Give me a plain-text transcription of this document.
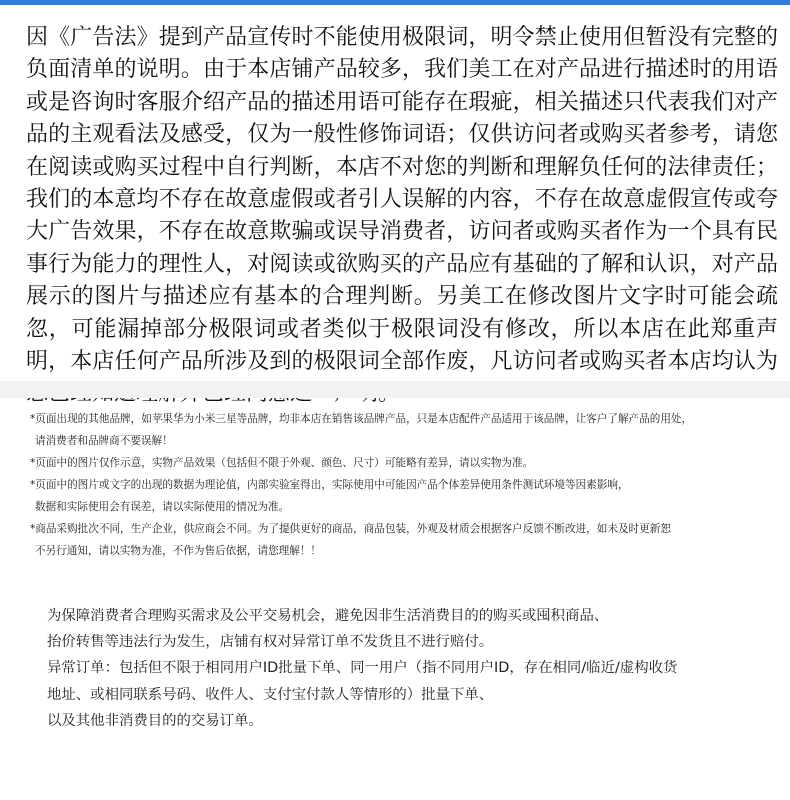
因《广告法》提到产品宣传时不能使用极限词，明令禁止使用但暂没有完整的负面清单的说明。由于本店铺产品较多，我们美工在对产品进行描述时的用语或是咨询时客服介绍产品的描述用语可能存在瑕疵，相关描述只代表我们对产品的主观看法及感受，仅为一般性修饰词语；仅供访问者或购买者参考，请您在阅读或购买过程中自行判断，本店不对您的判断和理解负任何的法律责任；我们的本意均不存在故意虚假或者引人误解的内容，不存在故意虚假宣传或夸大广告效果，不存在故意欺骗或误导消费者，访问者或购买者作为一个具有民事行为能力的理性人，对阅读或欲购买的产品应有基础的了解和认识，对产品展示的图片与描述应有基本的合理判断。另美工在修改图片文字时可能会疏忽，可能漏掉部分极限词或者类似于极限词没有修改，所以本店在此郑重声明，本店任何产品所涉及到的极限词全部作废，凡访问者或购买者本店均认为

*页面出现的其他品牌，如苹果华为小米三星等品牌，均非本店在销售该品牌产品，只是本店配件产品适用于该品牌，让客户了解产品的用处，
请消费者和品牌商不要误解！
*页面中的图片仅作示意，实物产品效果（包括但不限于外观、颜色、尺寸）可能略有差异，请以实物为准。
*页面中的图片或文字的出现的数据为理论值，内部实验室得出，实际使用中可能因产品个体差异使用条件测试环境等因素影响，
数据和实际使用会有误差，请以实际使用的情况为准。
*商品采购批次不同，生产企业，供应商会不同。为了提供更好的商品，商品包装，外观及材质会根据客户反馈不断改进，如未及时更新恕
不另行通知，请以实物为准，不作为售后依据，请您理解！！
为保障消费者合理购买需求及公平交易机会，避免因非生活消费目的的购买或囤积商品、
抬价转售等违法行为发生，店铺有权对异常订单不发货且不进行赔付。
异常订单：包括但不限于相同用户ID批量下单、同一用户（指不同用户ID，存在相同/临近/虚构收货
地址、或相同联系号码、收件人、支付宝付款人等情形的）批量下单、
以及其他非消费目的的交易订单。
